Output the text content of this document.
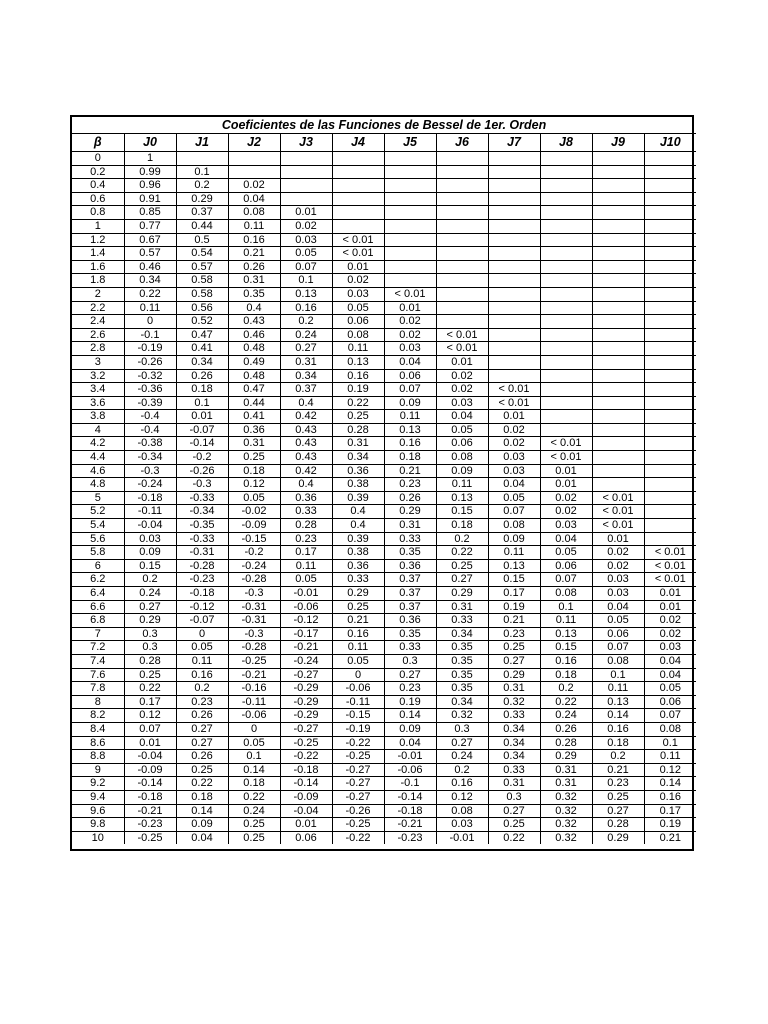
Coeficientes de las Funciones de Bessel de 1er. Orden											
β	J0	J1	J2	J3	J4	J5	J6	J7	J8	J9	J10
0	1										
0.2	0.99	0.1									
0.4	0.96	0.2	0.02								
0.6	0.91	0.29	0.04								
0.8	0.85	0.37	0.08	0.01							
1	0.77	0.44	0.11	0.02							
1.2	0.67	0.5	0.16	0.03	< 0.01						
1.4	0.57	0.54	0.21	0.05	< 0.01						
1.6	0.46	0.57	0.26	0.07	0.01						
1.8	0.34	0.58	0.31	0.1	0.02						
2	0.22	0.58	0.35	0.13	0.03	< 0.01					
2.2	0.11	0.56	0.4	0.16	0.05	0.01					
2.4	0	0.52	0.43	0.2	0.06	0.02					
2.6	-0.1	0.47	0.46	0.24	0.08	0.02	< 0.01				
2.8	-0.19	0.41	0.48	0.27	0.11	0.03	< 0.01				
3	-0.26	0.34	0.49	0.31	0.13	0.04	0.01				
3.2	-0.32	0.26	0.48	0.34	0.16	0.06	0.02				
3.4	-0.36	0.18	0.47	0.37	0.19	0.07	0.02	< 0.01			
3.6	-0.39	0.1	0.44	0.4	0.22	0.09	0.03	< 0.01			
3.8	-0.4	0.01	0.41	0.42	0.25	0.11	0.04	0.01			
4	-0.4	-0.07	0.36	0.43	0.28	0.13	0.05	0.02			
4.2	-0.38	-0.14	0.31	0.43	0.31	0.16	0.06	0.02	< 0.01		
4.4	-0.34	-0.2	0.25	0.43	0.34	0.18	0.08	0.03	< 0.01		
4.6	-0.3	-0.26	0.18	0.42	0.36	0.21	0.09	0.03	0.01		
4.8	-0.24	-0.3	0.12	0.4	0.38	0.23	0.11	0.04	0.01		
5	-0.18	-0.33	0.05	0.36	0.39	0.26	0.13	0.05	0.02	< 0.01	
5.2	-0.11	-0.34	-0.02	0.33	0.4	0.29	0.15	0.07	0.02	< 0.01	
5.4	-0.04	-0.35	-0.09	0.28	0.4	0.31	0.18	0.08	0.03	< 0.01	
5.6	0.03	-0.33	-0.15	0.23	0.39	0.33	0.2	0.09	0.04	0.01	
5.8	0.09	-0.31	-0.2	0.17	0.38	0.35	0.22	0.11	0.05	0.02	< 0.01
6	0.15	-0.28	-0.24	0.11	0.36	0.36	0.25	0.13	0.06	0.02	< 0.01
6.2	0.2	-0.23	-0.28	0.05	0.33	0.37	0.27	0.15	0.07	0.03	< 0.01
6.4	0.24	-0.18	-0.3	-0.01	0.29	0.37	0.29	0.17	0.08	0.03	0.01
6.6	0.27	-0.12	-0.31	-0.06	0.25	0.37	0.31	0.19	0.1	0.04	0.01
6.8	0.29	-0.07	-0.31	-0.12	0.21	0.36	0.33	0.21	0.11	0.05	0.02
7	0.3	0	-0.3	-0.17	0.16	0.35	0.34	0.23	0.13	0.06	0.02
7.2	0.3	0.05	-0.28	-0.21	0.11	0.33	0.35	0.25	0.15	0.07	0.03
7.4	0.28	0.11	-0.25	-0.24	0.05	0.3	0.35	0.27	0.16	0.08	0.04
7.6	0.25	0.16	-0.21	-0.27	0	0.27	0.35	0.29	0.18	0.1	0.04
7.8	0.22	0.2	-0.16	-0.29	-0.06	0.23	0.35	0.31	0.2	0.11	0.05
8	0.17	0.23	-0.11	-0.29	-0.11	0.19	0.34	0.32	0.22	0.13	0.06
8.2	0.12	0.26	-0.06	-0.29	-0.15	0.14	0.32	0.33	0.24	0.14	0.07
8.4	0.07	0.27	0	-0.27	-0.19	0.09	0.3	0.34	0.26	0.16	0.08
8.6	0.01	0.27	0.05	-0.25	-0.22	0.04	0.27	0.34	0.28	0.18	0.1
8.8	-0.04	0.26	0.1	-0.22	-0.25	-0.01	0.24	0.34	0.29	0.2	0.11
9	-0.09	0.25	0.14	-0.18	-0.27	-0.06	0.2	0.33	0.31	0.21	0.12
9.2	-0.14	0.22	0.18	-0.14	-0.27	-0.1	0.16	0.31	0.31	0.23	0.14
9.4	-0.18	0.18	0.22	-0.09	-0.27	-0.14	0.12	0.3	0.32	0.25	0.16
9.6	-0.21	0.14	0.24	-0.04	-0.26	-0.18	0.08	0.27	0.32	0.27	0.17
9.8	-0.23	0.09	0.25	0.01	-0.25	-0.21	0.03	0.25	0.32	0.28	0.19
10	-0.25	0.04	0.25	0.06	-0.22	-0.23	-0.01	0.22	0.32	0.29	0.21
